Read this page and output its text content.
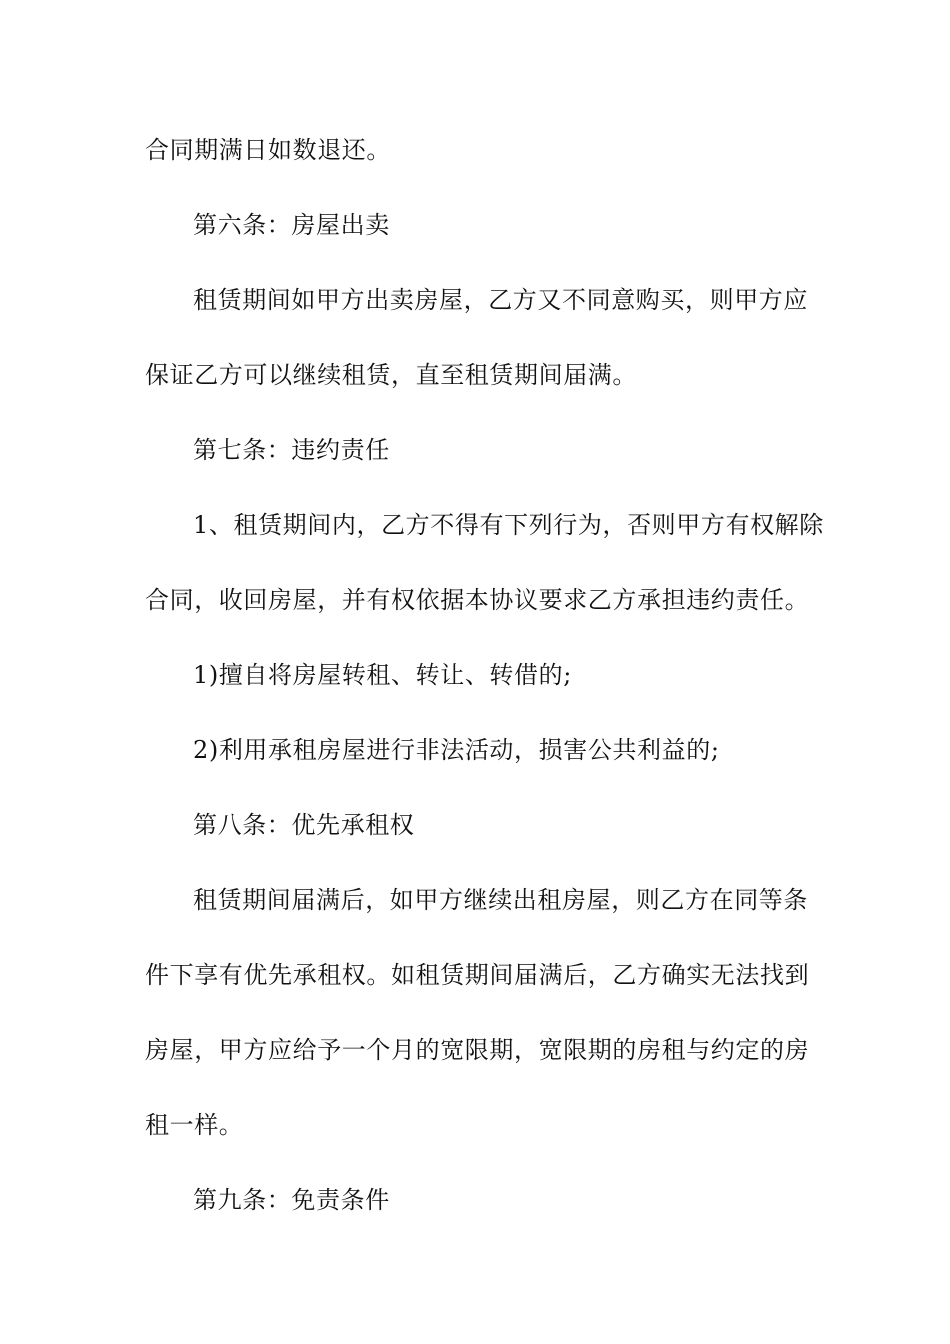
合同期满日如数退还。
第六条：房屋出卖
租赁期间如甲方出卖房屋，乙方又不同意购买，则甲方应
保证乙方可以继续租赁，直至租赁期间届满。
第七条：违约责任
1、租赁期间内，乙方不得有下列行为，否则甲方有权解除
合同，收回房屋，并有权依据本协议要求乙方承担违约责任。
1)擅自将房屋转租、转让、转借的;
2)利用承租房屋进行非法活动，损害公共利益的;
第八条：优先承租权
租赁期间届满后，如甲方继续出租房屋，则乙方在同等条
件下享有优先承租权。如租赁期间届满后，乙方确实无法找到
房屋，甲方应给予一个月的宽限期，宽限期的房租与约定的房
租一样。
第九条：免责条件
